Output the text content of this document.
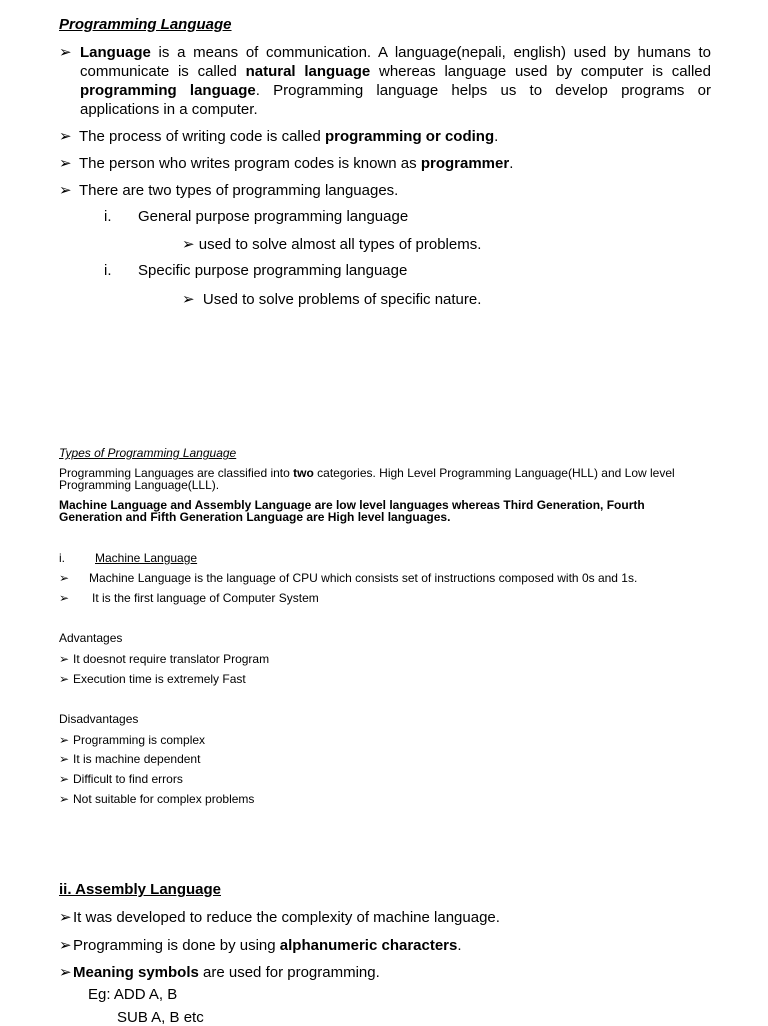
Programming Language
➢ Language is a means of communication. A language(nepali, english) used by humans to communicate is called natural language whereas language used by computer is called programming language. Programming language helps us to develop programs or applications in a computer.
➢ The process of writing code is called programming or coding.
➢ The person who writes program codes is known as programmer.
➢ There are two types of programming languages.
i. General purpose programming language
➢ used to solve almost all types of problems.
i. Specific purpose programming language
➢ Used to solve problems of specific nature.
Types of Programming Language
Programming Languages are classified into two categories. High Level Programming Language(HLL) and Low level Programming Language(LLL).
Machine Language and Assembly Language are low level languages whereas Third Generation, Fourth Generation and Fifth Generation Language are High level languages.
i.	Machine Language
➢ Machine Language is the language of CPU which consists set of instructions composed with 0s and 1s.
➢ It is the first language of Computer System
Advantages
➢ It doesnot require translator Program
➢ Execution time is extremely Fast
Disadvantages
➢ Programming is complex
➢ It is machine dependent
➢ Difficult to find errors
➢ Not suitable for complex problems
ii. Assembly Language
➢It was developed to reduce the complexity of machine language.
➢Programming is done by using alphanumeric characters.
➢Meaning symbols are used for programming.
Eg: ADD A, B
SUB A, B etc
